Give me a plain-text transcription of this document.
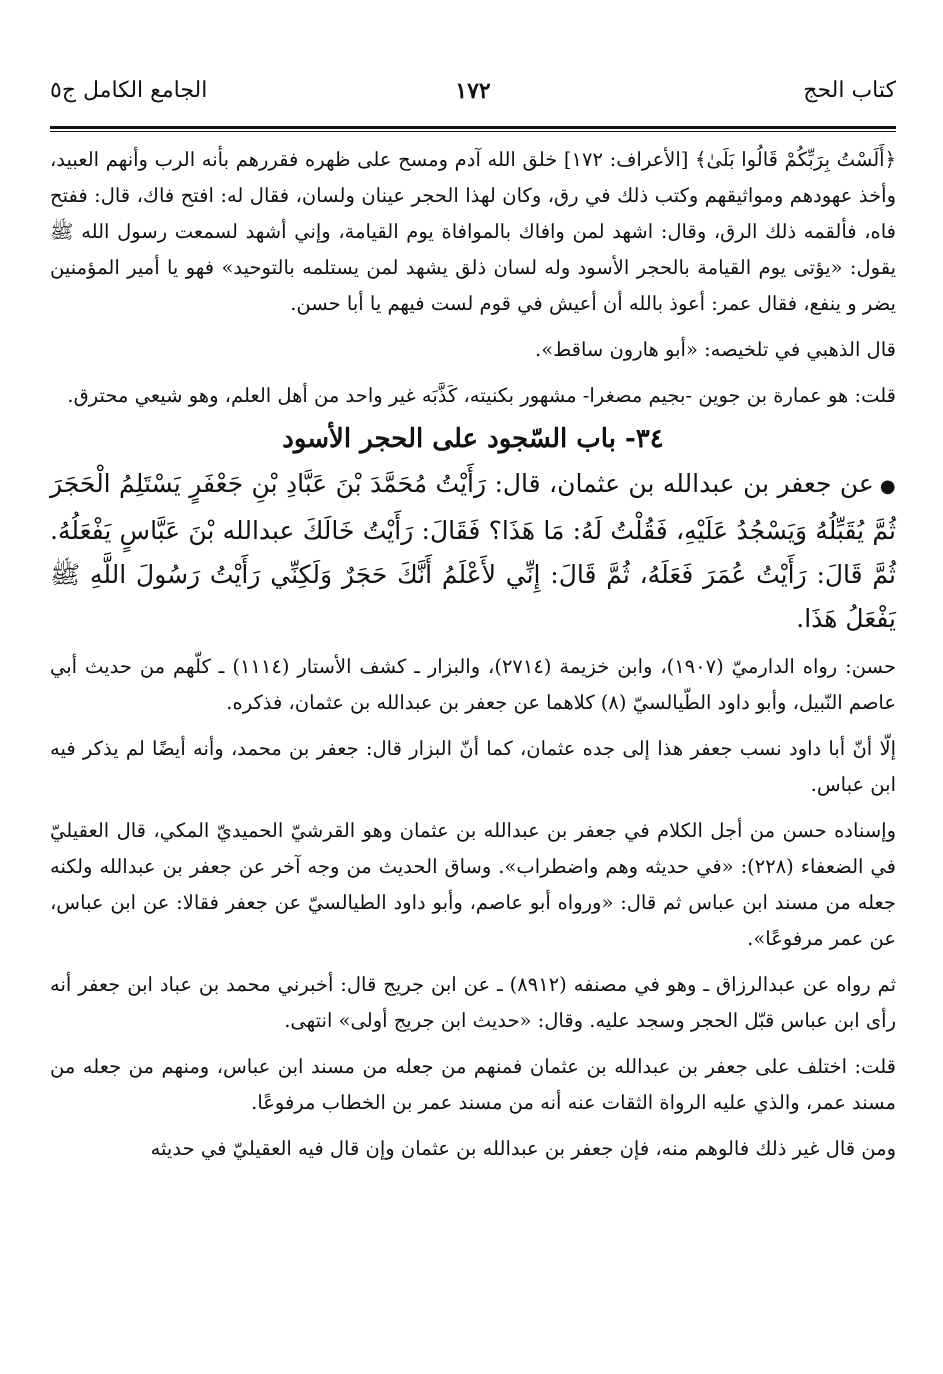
كتاب الحج
١٧٢
الجامع الكامل ج٥

﴿أَلَسْتُ بِرَبِّكُمْ قَالُوا بَلَىٰ﴾ [الأعراف: ١٧٢] خلق الله آدم ومسح على ظهره فقررهم بأنه الرب وأنهم العبيد، وأخذ عهودهم ومواثيقهم وكتب ذلك في رق، وكان لهذا الحجر عينان ولسان، فقال له: افتح فاك، قال: ففتح فاه، فألقمه ذلك الرق، وقال: اشهد لمن وافاك بالموافاة يوم القيامة، وإني أشهد لسمعت رسول الله ﷺ يقول: «يؤتى يوم القيامة بالحجر الأسود وله لسان ذلق يشهد لمن يستلمه بالتوحيد» فهو يا أمير المؤمنين يضر و ينفع، فقال عمر: أعوذ بالله أن أعيش في قوم لست فيهم يا أبا حسن.

قال الذهبي في تلخيصه: «أبو هارون ساقط».

قلت: هو عمارة بن جوين -بجيم مصغرا- مشهور بكنيته، كَذَّبَه غير واحد من أهل العلم، وهو شيعي محترق.

٣٤- باب السّجود على الحجر الأسود

●عن جعفر بن عبدالله بن عثمان، قال: رَأَيْتُ مُحَمَّدَ بْنَ عَبَّادِ بْنِ جَعْفَرٍ يَسْتَلِمُ الْحَجَرَ ثُمَّ يُقَبِّلُهُ وَيَسْجُدُ عَلَيْهِ، فَقُلْتُ لَهُ: مَا هَذَا؟ فَقَالَ: رَأَيْتُ خَالَكَ عبدالله بْنَ عَبَّاسٍ يَفْعَلُهُ. ثُمَّ قَالَ: رَأَيْتُ عُمَرَ فَعَلَهُ، ثُمَّ قَالَ: إِنِّي لأَعْلَمُ أَنَّكَ حَجَرٌ وَلَكِنِّي رَأَيْتُ رَسُولَ اللَّهِ ﷺ يَفْعَلُ هَذَا.

حسن: رواه الدارميّ (١٩٠٧)، وابن خزيمة (٢٧١٤)، والبزار ـ كشف الأستار (١١١٤) ـ كلّهم من حديث أبي عاصم النّبيل، وأبو داود الطّيالسيّ (٨) كلاهما عن جعفر بن عبدالله بن عثمان، فذكره.

إلّا أنّ أبا داود نسب جعفر هذا إلى جده عثمان، كما أنّ البزار قال: جعفر بن محمد، وأنه أيضًا لم يذكر فيه ابن عباس.

وإسناده حسن من أجل الكلام في جعفر بن عبدالله بن عثمان وهو القرشيّ الحميديّ المكي، قال العقيليّ في الضعفاء (٢٢٨): «في حديثه وهم واضطراب». وساق الحديث من وجه آخر عن جعفر بن عبدالله ولكنه جعله من مسند ابن عباس ثم قال: «ورواه أبو عاصم، وأبو داود الطيالسيّ عن جعفر فقالا: عن ابن عباس، عن عمر مرفوعًا».

ثم رواه عن عبدالرزاق ـ وهو في مصنفه (٨٩١٢) ـ عن ابن جريج قال: أخبرني محمد بن عباد ابن جعفر أنه رأى ابن عباس قبّل الحجر وسجد عليه. وقال: «حديث ابن جريج أولى» انتهى.

قلت: اختلف على جعفر بن عبدالله بن عثمان فمنهم من جعله من مسند ابن عباس، ومنهم من جعله من مسند عمر، والذي عليه الرواة الثقات عنه أنه من مسند عمر بن الخطاب مرفوعًا.

ومن قال غير ذلك فالوهم منه، فإن جعفر بن عبدالله بن عثمان وإن قال فيه العقيليّ في حديثه
